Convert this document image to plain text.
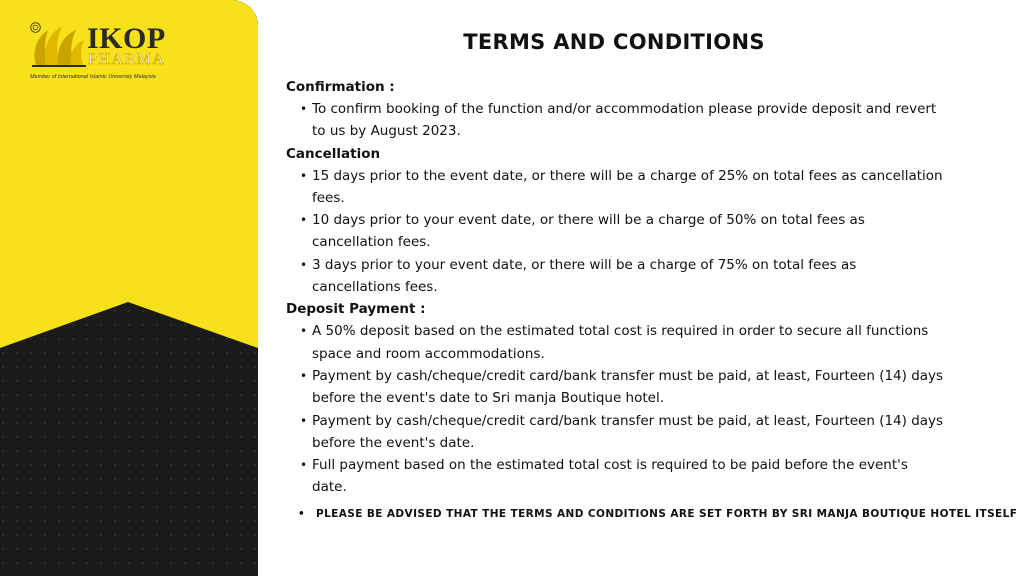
IKOP
PHARMA
Member of International Islamic University Malaysia
TERMS AND CONDITIONS

Confirmation :

• To confirm booking of the function and/or accommodation please provide deposit and revert to us by August 2023.

Cancellation

• 15 days prior to the event date, or there will be a charge of 25% on total fees as cancellation fees.
• 10 days prior to your event date, or there will be a charge of 50% on total fees as cancellation fees.
• 3 days prior to your event date, or there will be a charge of 75% on total fees as cancellations fees.

Deposit Payment :

• A 50% deposit based on the estimated total cost is required in order to secure all functions space and room accommodations.
• Payment by cash/cheque/credit card/bank transfer must be paid, at least, Fourteen (14) days before the event's date to Sri manja Boutique hotel.
• Payment by cash/cheque/credit card/bank transfer must be paid, at least, Fourteen (14) days before the event's date.
• Full payment based on the estimated total cost is required to be paid before the event's date.
• PLEASE BE ADVISED THAT THE TERMS AND CONDITIONS ARE SET FORTH BY SRI MANJA BOUTIQUE HOTEL ITSELF
